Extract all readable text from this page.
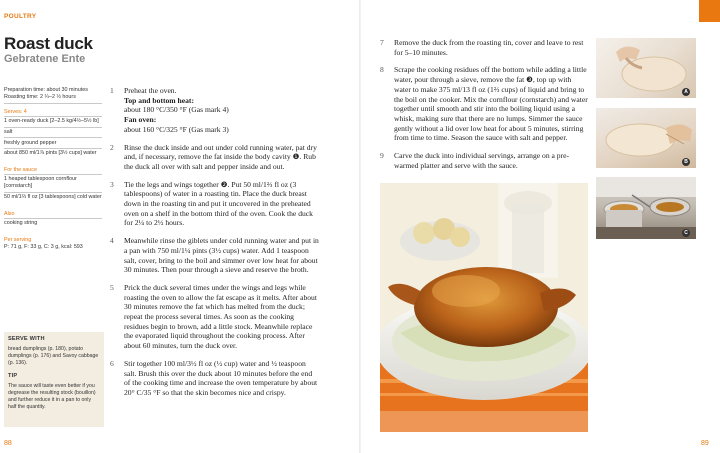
POULTRY
Roast duck
Gebratene Ente
Preparation time: about 30 minutes
Roasting time: 2 ¼–2 ½ hours
Serves: 4
1 oven-ready duck [2–2.5 kg/4½–5½ lb]
salt
freshly ground pepper
about 850 ml/1⅞ pints [3½ cups] water
For the sauce
1 heaped tablespoon cornflour [cornstarch]
50 ml/1⅔ fl oz [3 tablespoons] cold water
Also
cooking string
Per serving
P: 71 g, F: 33 g, C: 3 g, kcal: 593
SERVE WITH
bread dumplings (p. 180), potato dumplings (p. 176) and Savoy cabbage (p. 136).
TIP
The sauce will taste even better if you degrease the resulting stock (bouillon) and further reduce it in a pan to only half the quantity.
1 Preheat the oven.
Top and bottom heat:
about 180 °C/350 °F (Gas mark 4)
Fan oven:
about 160 °C/325 °F (Gas mark 3)
2 Rinse the duck inside and out under cold running water, pat dry and, if necessary, remove the fat inside the body cavity ❶. Rub the duck all over with salt and pepper inside and out.
3 Tie the legs and wings together ❷. Put 50 ml/1⅔ fl oz (3 tablespoons) of water in a roasting tin. Place the duck breast down in the roasting tin and put it uncovered in the preheated oven on a shelf in the bottom third of the oven. Cook the duck for 2¼ to 2½ hours.
4 Meanwhile rinse the giblets under cold running water and put in a pan with 750 ml/1¼ pints (3½ cups) water. Add 1 teaspoon salt, cover, bring to the boil and simmer over low heat for about 30 minutes. Then pour through a sieve and reserve the broth.
5 Prick the duck several times under the wings and legs while roasting the oven to allow the fat escape as it melts. After about 30 minutes remove the fat which has melted from the duck; repeat the process several times. As soon as the cooking residues begin to brown, add a little stock. Meanwhile replace the evaporated liquid throughout the cooking process. After about 60 minutes, turn the duck over.
6 Stir together 100 ml/3½ fl oz (½ cup) water and ½ teaspoon salt. Brush this over the duck about 10 minutes before the end of the cooking time and increase the oven temperature by about 20° C/35 °F so that the skin becomes nice and crispy.
88
7 Remove the duck from the roasting tin, cover and leave to rest for 5–10 minutes.
8 Scrape the cooking residues off the bottom while adding a little water, pour through a sieve, remove the fat ❸, top up with water to make 375 ml/13 fl oz (1⅔ cups) of liquid and bring to the boil on the cooker. Mix the cornflour (cornstarch) and water together until smooth and stir into the boiling liquid using a whisk, making sure that there are no lumps. Simmer the sauce gently without a lid over low heat for about 5 minutes, stirring from time to time. Season the sauce with salt and pepper.
9 Carve the duck into individual servings, arrange on a pre-warmed platter and serve with the sauce.
A
B
C
89
